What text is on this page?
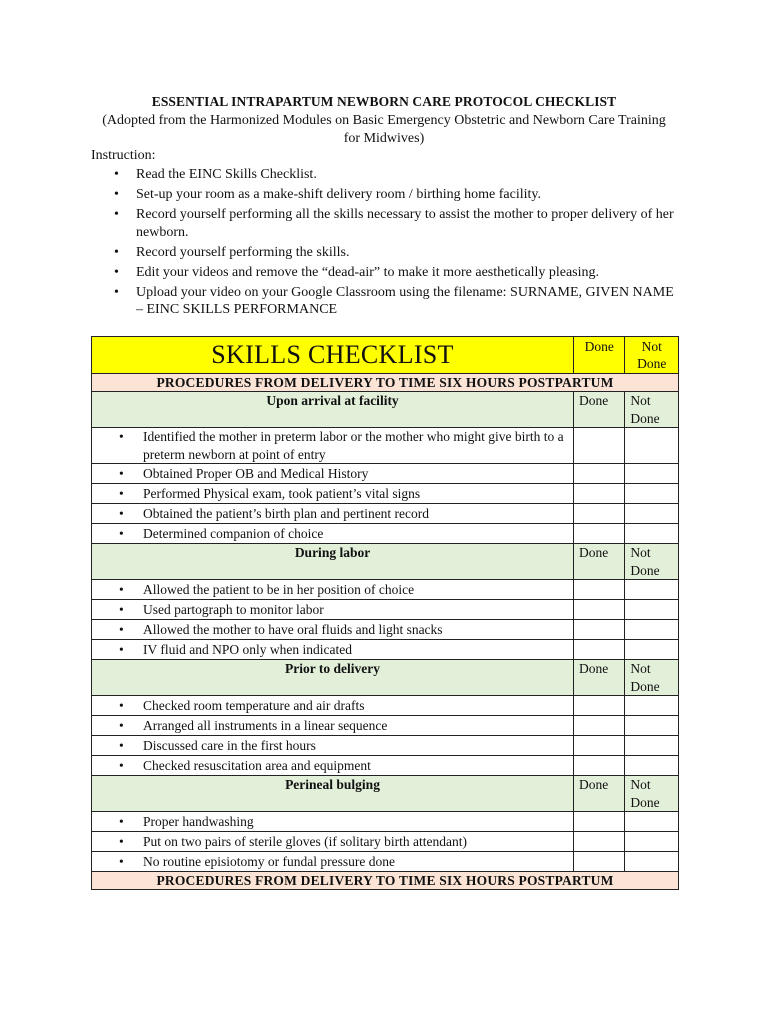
ESSENTIAL INTRAPARTUM NEWBORN CARE PROTOCOL CHECKLIST
(Adopted from the Harmonized Modules on Basic Emergency Obstetric and Newborn Care Training for Midwives)
Instruction:
• Read the EINC Skills Checklist.
• Set-up your room as a make-shift delivery room / birthing home facility.
• Record yourself performing all the skills necessary to assist the mother to proper delivery of her newborn.
• Record yourself performing the skills.
• Edit your videos and remove the “dead-air” to make it more aesthetically pleasing.
• Upload your video on your Google Classroom using the filename: SURNAME, GIVEN NAME – EINC SKILLS PERFORMANCE
SKILLS CHECKLIST	Done	Not Done
PROCEDURES FROM DELIVERY TO TIME SIX HOURS POSTPARTUM		
Upon arrival at facility	Done	Not Done
• Identified the mother in preterm labor or the mother who might give birth to a preterm newborn at point of entry		
• Obtained Proper OB and Medical History		
• Performed Physical exam, took patient’s vital signs		
• Obtained the patient’s birth plan and pertinent record		
• Determined companion of choice		
During labor	Done	Not Done
• Allowed the patient to be in her position of choice		
• Used partograph to monitor labor		
• Allowed the mother to have oral fluids and light snacks		
• IV fluid and NPO only when indicated		
Prior to delivery	Done	Not Done
• Checked room temperature and air drafts		
• Arranged all instruments in a linear sequence		
• Discussed care in the first hours		
• Checked resuscitation area and equipment		
Perineal bulging	Done	Not Done
• Proper handwashing		
• Put on two pairs of sterile gloves (if solitary birth attendant)		
• No routine episiotomy or fundal pressure done		
PROCEDURES FROM DELIVERY TO TIME SIX HOURS POSTPARTUM		
